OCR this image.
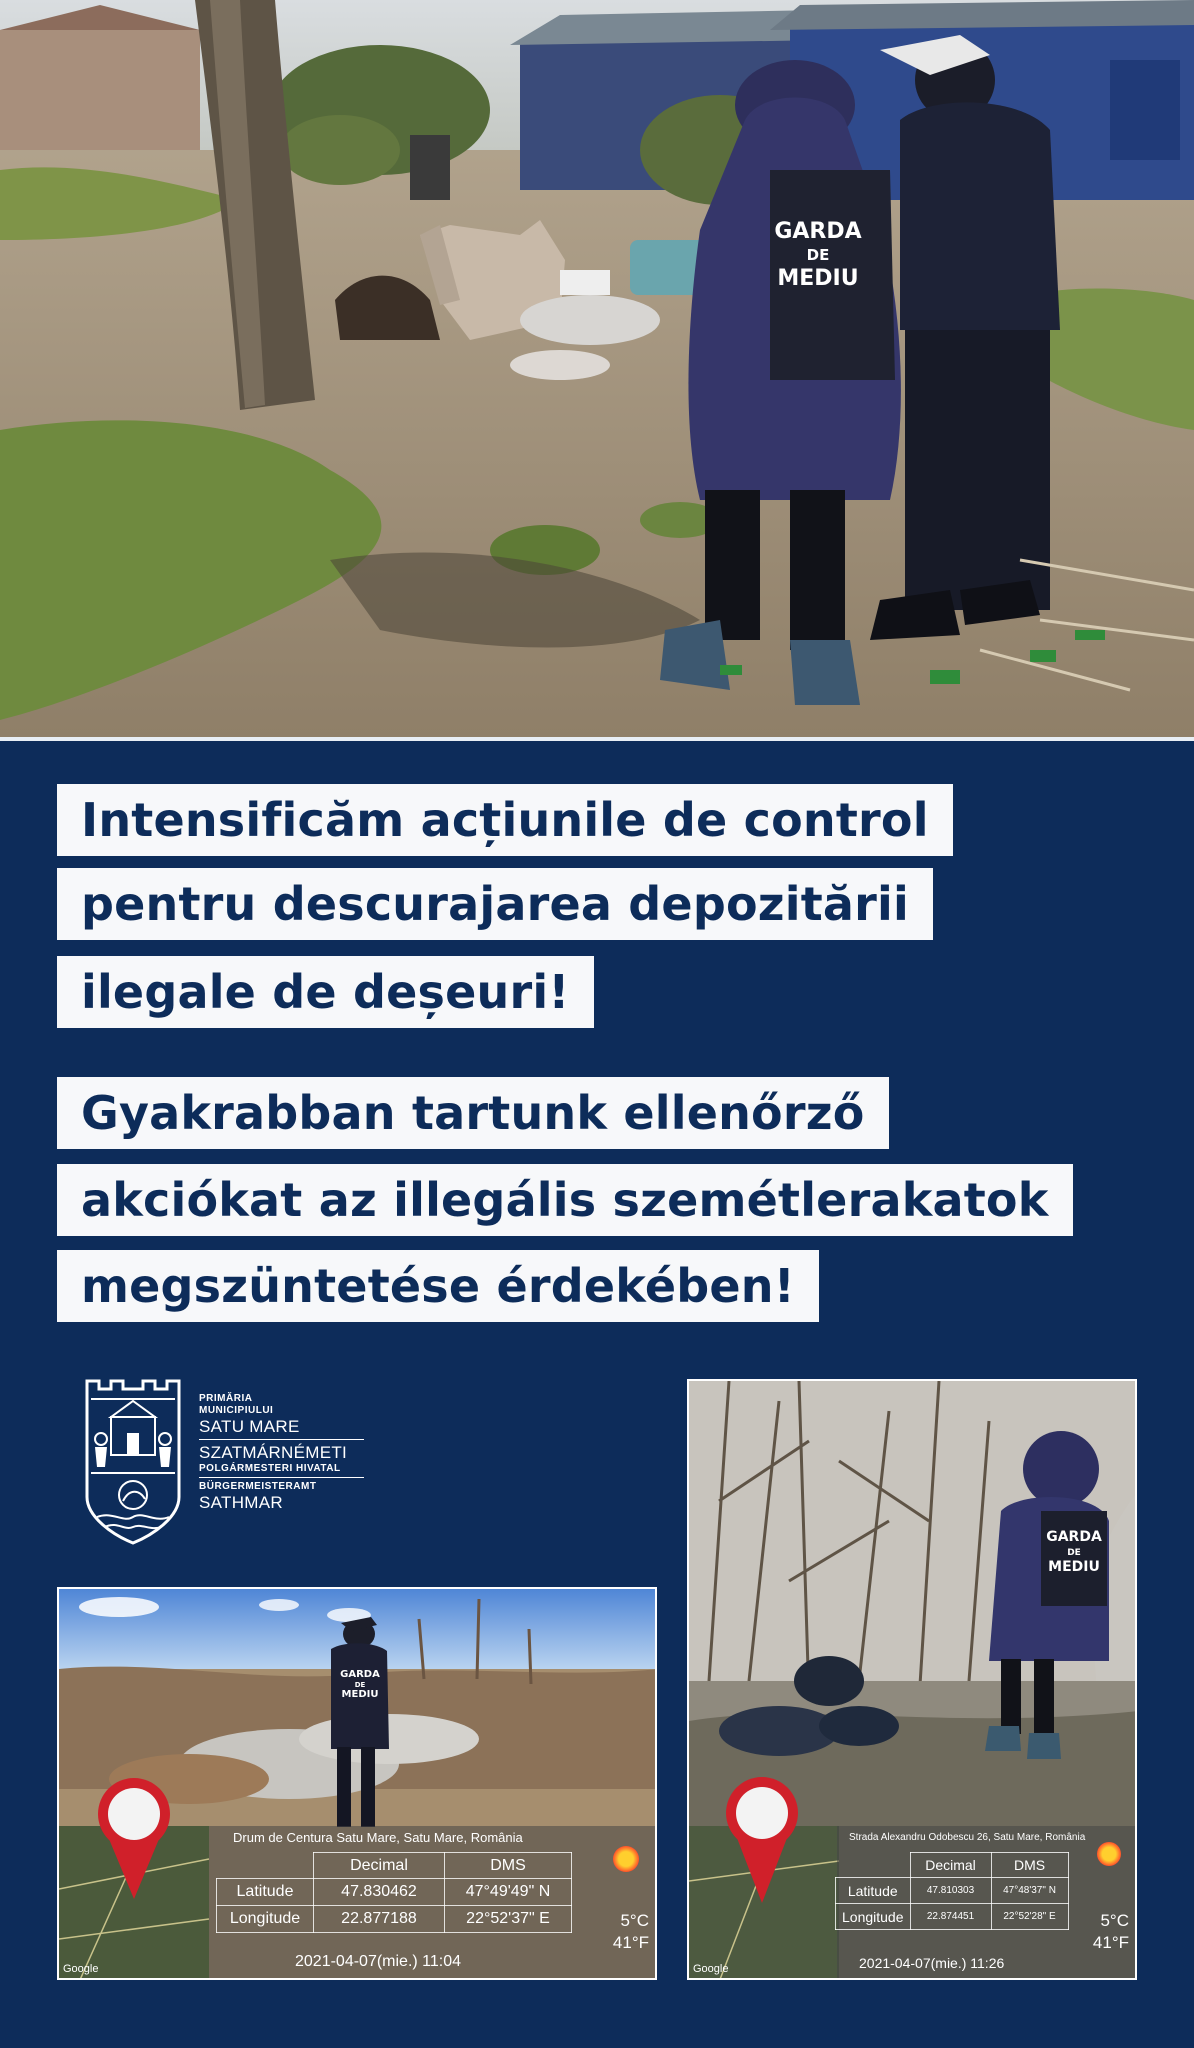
GARDA
DE
MEDIU
Intensificăm acțiunile de control
pentru descurajarea depozitării
ilegale de deșeuri!
Gyakrabban tartunk ellenőrző
akciókat az illegális szemétlerakatok
megszüntetése érdekében!
PRIMĂRIA
MUNICIPIULUI
SATU MARE
SZATMÁRNÉMETI
POLGÁRMESTERI HIVATAL
BÜRGERMEISTERAMT
SATHMAR
GARDA
DE
MEDIU
Drum de Centura Satu Mare, Satu Mare, România
	Decimal	DMS
Latitude	47.830462	47°49'49" N
Longitude	22.877188	22°52'37" E	5°C
41°F
2021-04-07(mie.) 11:04
Google
GARDA
DE
MEDIU
Strada Alexandru Odobescu 26, Satu Mare, România
	Decimal	DMS
Latitude	47.810303	47°48'37" N
Longitude	22.874451	22°52'28" E	5°C
41°F
2021-04-07(mie.) 11:26
Google
